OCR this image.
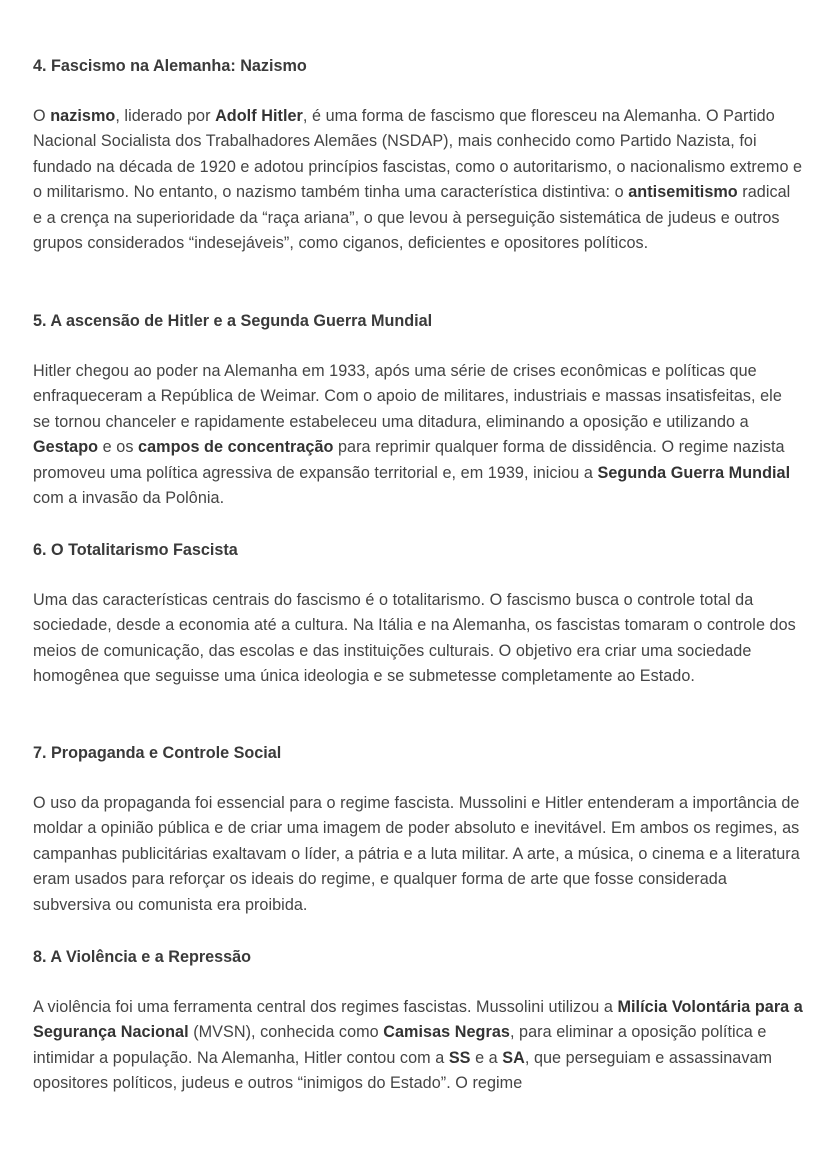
4. Fascismo na Alemanha: Nazismo

O nazismo, liderado por Adolf Hitler, é uma forma de fascismo que floresceu na Alemanha. O Partido Nacional Socialista dos Trabalhadores Alemães (NSDAP), mais conhecido como Partido Nazista, foi fundado na década de 1920 e adotou princípios fascistas, como o autoritarismo, o nacionalismo extremo e o militarismo. No entanto, o nazismo também tinha uma característica distintiva: o antisemitismo radical e a crença na superioridade da “raça ariana”, o que levou à perseguição sistemática de judeus e outros grupos considerados “indesejáveis”, como ciganos, deficientes e opositores políticos.

5. A ascensão de Hitler e a Segunda Guerra Mundial

Hitler chegou ao poder na Alemanha em 1933, após uma série de crises econômicas e políticas que enfraqueceram a República de Weimar. Com o apoio de militares, industriais e massas insatisfeitas, ele se tornou chanceler e rapidamente estabeleceu uma ditadura, eliminando a oposição e utilizando a Gestapo e os campos de concentração para reprimir qualquer forma de dissidência. O regime nazista promoveu uma política agressiva de expansão territorial e, em 1939, iniciou a Segunda Guerra Mundial com a invasão da Polônia.

6. O Totalitarismo Fascista

Uma das características centrais do fascismo é o totalitarismo. O fascismo busca o controle total da sociedade, desde a economia até a cultura. Na Itália e na Alemanha, os fascistas tomaram o controle dos meios de comunicação, das escolas e das instituições culturais. O objetivo era criar uma sociedade homogênea que seguisse uma única ideologia e se submetesse completamente ao Estado.

7. Propaganda e Controle Social

O uso da propaganda foi essencial para o regime fascista. Mussolini e Hitler entenderam a importância de moldar a opinião pública e de criar uma imagem de poder absoluto e inevitável. Em ambos os regimes, as campanhas publicitárias exaltavam o líder, a pátria e a luta militar. A arte, a música, o cinema e a literatura eram usados para reforçar os ideais do regime, e qualquer forma de arte que fosse considerada subversiva ou comunista era proibida.

8. A Violência e a Repressão

A violência foi uma ferramenta central dos regimes fascistas. Mussolini utilizou a Milícia Volontária para a Segurança Nacional (MVSN), conhecida como Camisas Negras, para eliminar a oposição política e intimidar a população. Na Alemanha, Hitler contou com a SS e a SA, que perseguiam e assassinavam opositores políticos, judeus e outros “inimigos do Estado”. O regime
